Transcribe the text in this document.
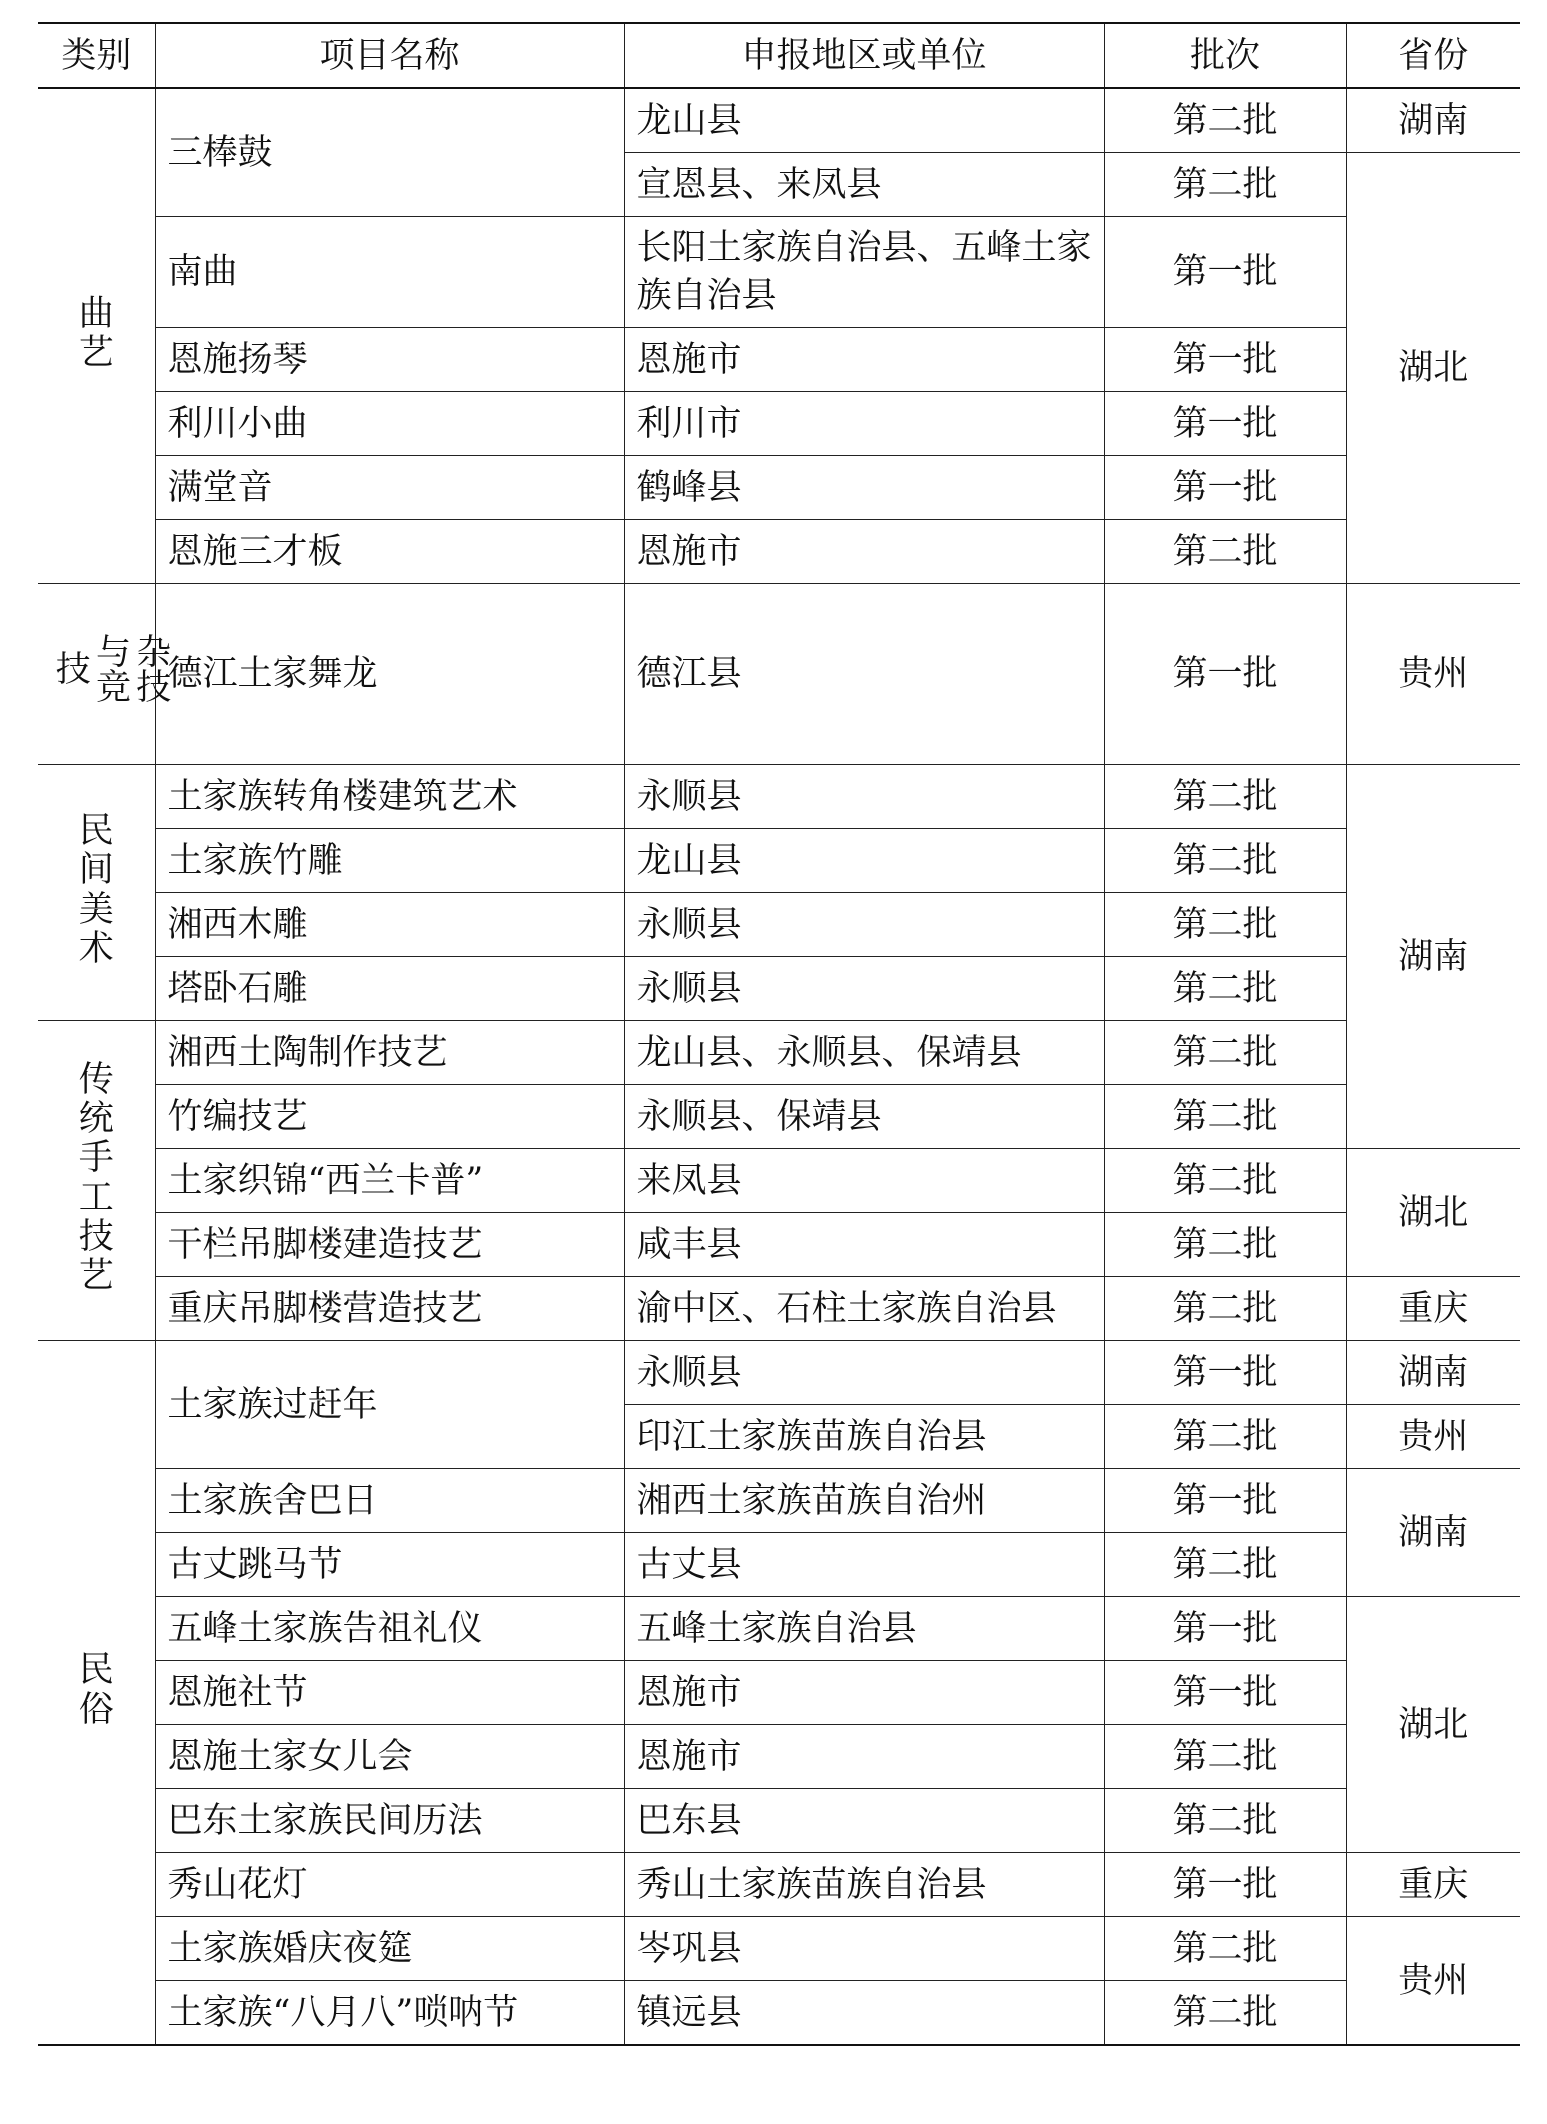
类别	项目名称	申报地区或单位	批次	省份
曲艺	三棒鼓	龙山县	第二批	湖南
		宣恩县、来凤县	第二批	湖北
	南曲	长阳土家族自治县、五峰土家族自治县	第一批	
	恩施扬琴	恩施市	第一批	
	利川小曲	利川市	第一批	
	满堂音	鹤峰县	第一批	
	恩施三才板	恩施市	第二批	
杂技与竞技	德江土家舞龙	德江县	第一批	贵州
民间美术	土家族转角楼建筑艺术	永顺县	第二批	湖南
	土家族竹雕	龙山县	第二批	
	湘西木雕	永顺县	第二批	
	塔卧石雕	永顺县	第二批	
传统手工技艺	湘西土陶制作技艺	龙山县、永顺县、保靖县	第二批	
	竹编技艺	永顺县、保靖县	第二批	
	土家织锦“西兰卡普”	来凤县	第二批	湖北
	干栏吊脚楼建造技艺	咸丰县	第二批	
	重庆吊脚楼营造技艺	渝中区、石柱土家族自治县	第二批	重庆
民俗	土家族过赶年	永顺县	第一批	湖南
		印江土家族苗族自治县	第二批	贵州
	土家族舍巴日	湘西土家族苗族自治州	第一批	湖南
	古丈跳马节	古丈县	第二批	
	五峰土家族告祖礼仪	五峰土家族自治县	第一批	湖北
	恩施社节	恩施市	第一批	
	恩施土家女儿会	恩施市	第二批	
	巴东土家族民间历法	巴东县	第二批	
	秀山花灯	秀山土家族苗族自治县	第一批	重庆
	土家族婚庆夜筵	岑巩县	第二批	贵州
	土家族“八月八”唢呐节	镇远县	第二批	
